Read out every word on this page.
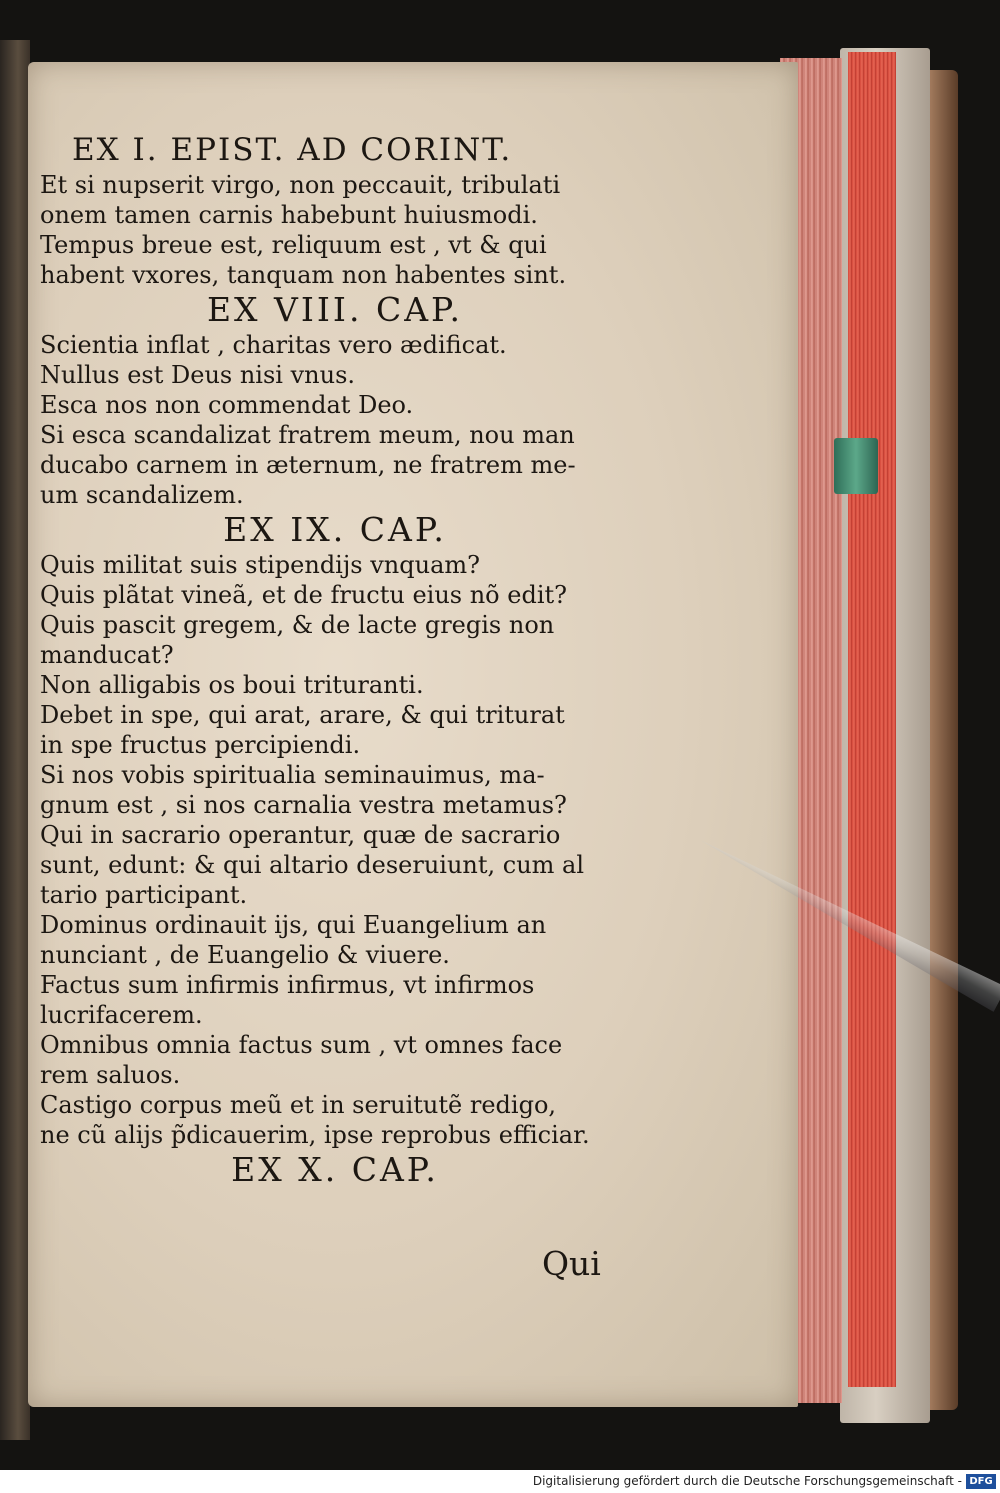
EX I. EPIST. AD CORINT.
Et si nupserit virgo, non peccauit, tribulati
onem tamen carnis habebunt huiusmodi.
Tempus breue est, reliquum est , vt & qui
habent vxores, tanquam non habentes sint.
EX VIII. CAP.
Scientia inflat , charitas vero ædificat.
Nullus est Deus nisi vnus.
Esca nos non commendat Deo.
Si esca scandalizat fratrem meum, nou man
ducabo carnem in æternum, ne fratrem me-
um scandalizem.
EX IX. CAP.
Quis militat suis stipendijs vnquam?
Quis plãtat vineã, et de fructu eius nõ edit?
Quis pascit gregem, & de lacte gregis non
manducat?
Non alligabis os boui trituranti.
Debet in spe, qui arat, arare, & qui triturat
in spe fructus percipiendi.
Si nos vobis spiritualia seminauimus, ma-
gnum est , si nos carnalia vestra metamus?
Qui in sacrario operantur, quæ de sacrario
sunt, edunt: & qui altario deseruiunt, cum al
tario participant.
Dominus ordinauit ijs, qui Euangelium an
nunciant , de Euangelio & viuere.
Factus sum infirmis infirmus, vt infirmos
lucrifacerem.
Omnibus omnia factus sum , vt omnes face
rem saluos.
Castigo corpus meũ et in seruitutẽ redigo,
ne cũ alijs p̃dicauerim, ipse reprobus efficiar.
EX X. CAP.
Qui
Digitalisierung gefördert durch die Deutsche Forschungsgemeinschaft - DFG
